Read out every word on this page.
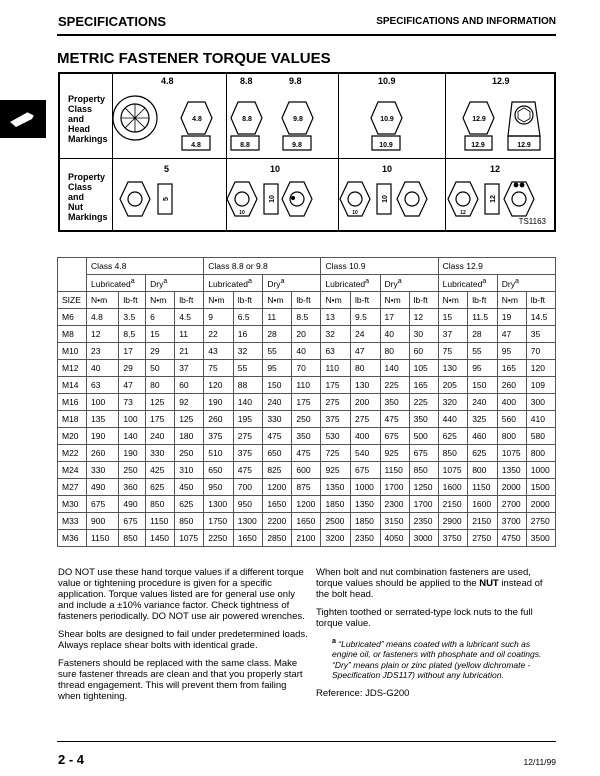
SPECIFICATIONS	SPECIFICATIONS AND INFORMATION
METRIC FASTENER TORQUE VALUES
Property
Class
and
Head
Markings
Property
Class
and
Nut
Markings
4.8	8.8	9.8	10.9	12.9
5	10	10	12
4.8
4.8
8.8	9.8
8.8	9.8
10.9
10.9
12.9
12.9	12.9
5
10
10
10
10
12
12
TS1163
	Class 4.8				Class 8.8 or 9.8				Class 10.9				Class 12.9			
	Lubricated$^a$		Dry$^a$		Lubricated$^a$		Dry$^a$		Lubricated$^a$		Dry$^a$		Lubricated$^a$		Dry$^a$
SIZE	N•m	lb-ft	N•m	lb-ft	N•m	lb-ft	N•m	lb-ft	N•m	lb-ft	N•m	lb-ft	N•m	lb-ft	N•m	lb-ft
M6	4.8	3.5	6	4.5	9	6.5	11	8.5	13	9.5	17	12	15	11.5	19	14.5
M8	12	8.5	15	11	22	16	28	20	32	24	40	30	37	28	47	35
M10	23	17	29	21	43	32	55	40	63	47	80	60	75	55	95	70
M12	40	29	50	37	75	55	95	70	110	80	140	105	130	95	165	120
M14	63	47	80	60	120	88	150	110	175	130	225	165	205	150	260	109
M16	100	73	125	92	190	140	240	175	275	200	350	225	320	240	400	300
M18	135	100	175	125	260	195	330	250	375	275	475	350	440	325	560	410
M20	190	140	240	180	375	275	475	350	530	400	675	500	625	460	800	580
M22	260	190	330	250	510	375	650	475	725	540	925	675	850	625	1075	800
M24	330	250	425	310	650	475	825	600	925	675	1150	850	1075	800	1350	1000
M27	490	360	625	450	950	700	1200	875	1350	1000	1700	1250	1600	1150	2000	1500
M30	675	490	850	625	1300	950	1650	1200	1850	1350	2300	1700	2150	1600	2700	2000
M33	900	675	1150	850	1750	1300	2200	1650	2500	1850	3150	2350	2900	2150	3700	2750
M36	1150	850	1450	1075	2250	1650	2850	2100	3200	2350	4050	3000	3750	2750	4750	3500

DO NOT use these hand torque values if a different torque value or tightening procedure is given for a specific application. Torque values listed are for general use only and include a ±10% variance factor. Check tightness of fasteners periodically. DO NOT use air powered wrenches.

Shear bolts are designed to fail under predetermined loads. Always replace shear bolts with identical grade.

Fasteners should be replaced with the same class. Make sure fastener threads are clean and that you properly start thread engagement. This will prevent them from failing when tightening.

When bolt and nut combination fasteners are used, torque values should be applied to the NUT instead of the bolt head.

Tighten toothed or serrated-type lock nuts to the full torque value.

$^a$ “Lubricated” means coated with a lubricant such as engine oil, or fasteners with phosphate and oil coatings. “Dry” means plain or zinc plated (yellow dichromate - Specification JDS117) without any lubrication.

Reference: JDS-G200

2 - 4	12/11/99
